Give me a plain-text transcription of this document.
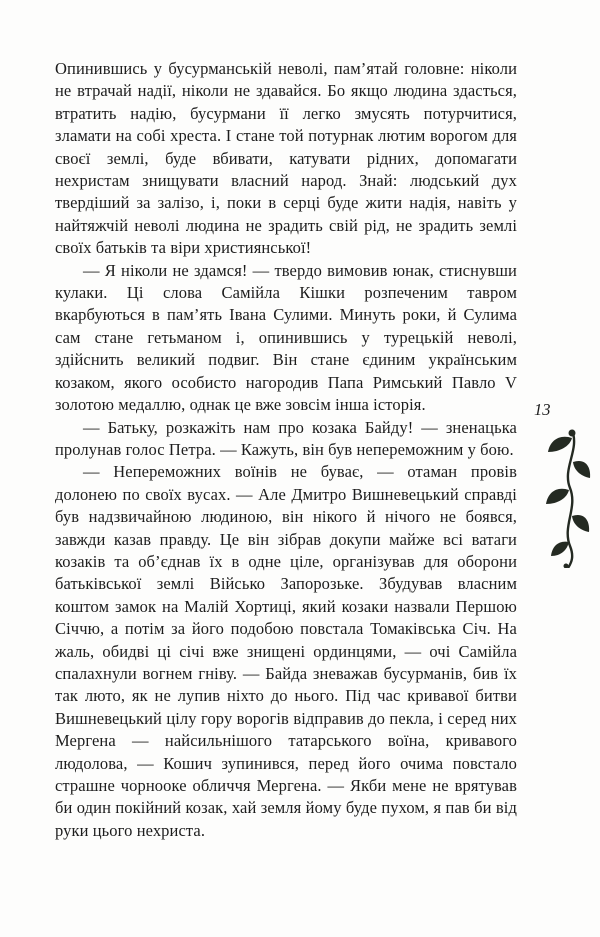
Опинившись у бусурманській неволі, пам’ятай головне: ніколи не втрачай надії, ніколи не здавайся. Бо якщо людина здасться, втратить надію, бусурмани її легко змусять потурчитися, зламати на собі хреста. І стане той потурнак лютим ворогом для своєї землі, буде вбивати, катувати рідних, допомагати нехристам знищувати власний народ. Знай: людський дух твердіший за залізо, і, поки в серці буде жити надія, навіть у найтяжчій неволі людина не зрадить свій рід, не зрадить землі своїх батьків та віри християнської!

— Я ніколи не здамся! — твердо вимовив юнак, стиснувши кулаки. Ці слова Самійла Кішки розпеченим тавром вкарбуються в пам’ять Івана Сулими. Минуть роки, й Сулима сам стане гетьманом і, опинившись у турецькій неволі, здійснить великий подвиг. Він стане єдиним українським козаком, якого особисто нагородив Папа Римський Павло V золотою медаллю, однак це вже зовсім інша історія.

— Батьку, розкажіть нам про козака Байду! — зненацька пролунав голос Петра. — Кажуть, він був непереможним у бою.

— Непереможних воїнів не буває, — отаман провів долонею по своїх вусах. — Але Дмитро Вишневецький справді був надзвичайною людиною, він нікого й нічого не боявся, завжди казав правду. Це він зібрав докупи майже всі ватаги козаків та об’єднав їх в одне ціле, організував для оборони батьківської землі Військо Запорозьке. Збудував власним коштом замок на Малій Хортиці, який козаки назвали Першою Січчю, а потім за його подобою повстала Томаківська Січ. На жаль, обидві ці січі вже знищені ординцями, — очі Самійла спалахнули вогнем гніву. — Байда зневажав бусурманів, бив їх так люто, як не лупив ніхто до нього. Під час кривавої битви Вишневецький цілу гору ворогів відправив до пекла, і серед них Мергена — найсильнішого татарського воїна, кривавого людолова, — Кошич зупинився, перед його очима повстало страшне чорнооке обличчя Мергена. — Якби мене не врятував би один покійний козак, хай земля йому буде пухом, я пав би від руки цього нехриста.

13
